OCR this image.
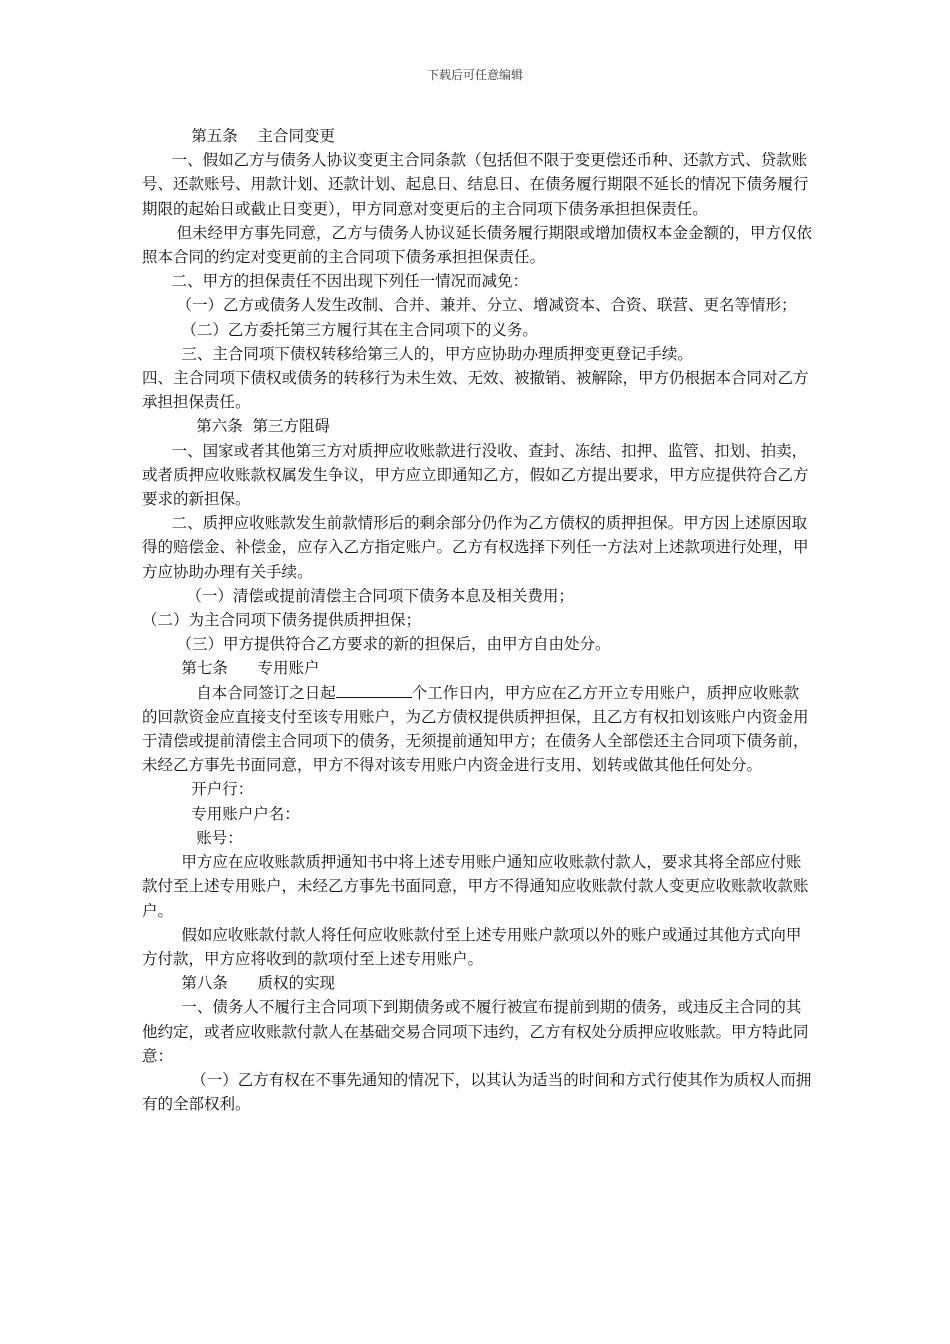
下载后可任意编辑

第五条    主合同变更

一、假如乙方与债务人协议变更主合同条款（包括但不限于变更偿还币种、还款方式、贷款账号、还款账号、用款计划、还款计划、起息日、结息日、在债务履行期限不延长的情况下债务履行期限的起始日或截止日变更），甲方同意对变更后的主合同项下债务承担担保责任。

但未经甲方事先同意，乙方与债务人协议延长债务履行期限或增加债权本金金额的，甲方仅依照本合同的约定对变更前的主合同项下债务承担担保责任。

二、甲方的担保责任不因出现下列任一情况而减免：

（一）乙方或债务人发生改制、合并、兼并、分立、增减资本、合资、联营、更名等情形；

（二）乙方委托第三方履行其在主合同项下的义务。

三、主合同项下债权转移给第三人的，甲方应协助办理质押变更登记手续。

四、主合同项下债权或债务的转移行为未生效、无效、被撤销、被解除，甲方仍根据本合同对乙方承担担保责任。

第六条  第三方阻碍

一、国家或者其他第三方对质押应收账款进行没收、查封、冻结、扣押、监管、扣划、拍卖，或者质押应收账款权属发生争议，甲方应立即通知乙方，假如乙方提出要求，甲方应提供符合乙方要求的新担保。

二、质押应收账款发生前款情形后的剩余部分仍作为乙方债权的质押担保。甲方因上述原因取得的赔偿金、补偿金，应存入乙方指定账户。乙方有权选择下列任一方法对上述款项进行处理，甲方应协助办理有关手续。

（一）清偿或提前清偿主合同项下债务本息及相关费用；

（二）为主合同项下债务提供质押担保；

（三）甲方提供符合乙方要求的新的担保后，由甲方自由处分。

第七条      专用账户

自本合同签订之日起	个工作日内，甲方应在乙方开立专用账户，质押应收账款的回款资金应直接支付至该专用账户，为乙方债权提供质押担保，且乙方有权扣划该账户内资金用于清偿或提前清偿主合同项下的债务，无须提前通知甲方；在债务人全部偿还主合同项下债务前，未经乙方事先书面同意，甲方不得对该专用账户内资金进行支用、划转或做其他任何处分。

开户行：

专用账户户名：

账号：

甲方应在应收账款质押通知书中将上述专用账户通知应收账款付款人，要求其将全部应付账款付至上述专用账户，未经乙方事先书面同意，甲方不得通知应收账款付款人变更应收账款收款账户。

假如应收账款付款人将任何应收账款付至上述专用账户款项以外的账户或通过其他方式向甲方付款，甲方应将收到的款项付至上述专用账户。

第八条      质权的实现

一、债务人不履行主合同项下到期债务或不履行被宣布提前到期的债务，或违反主合同的其他约定，或者应收账款付款人在基础交易合同项下违约，乙方有权处分质押应收账款。甲方特此同意：

（一）乙方有权在不事先通知的情况下，以其认为适当的时间和方式行使其作为质权人而拥有的全部权利。
